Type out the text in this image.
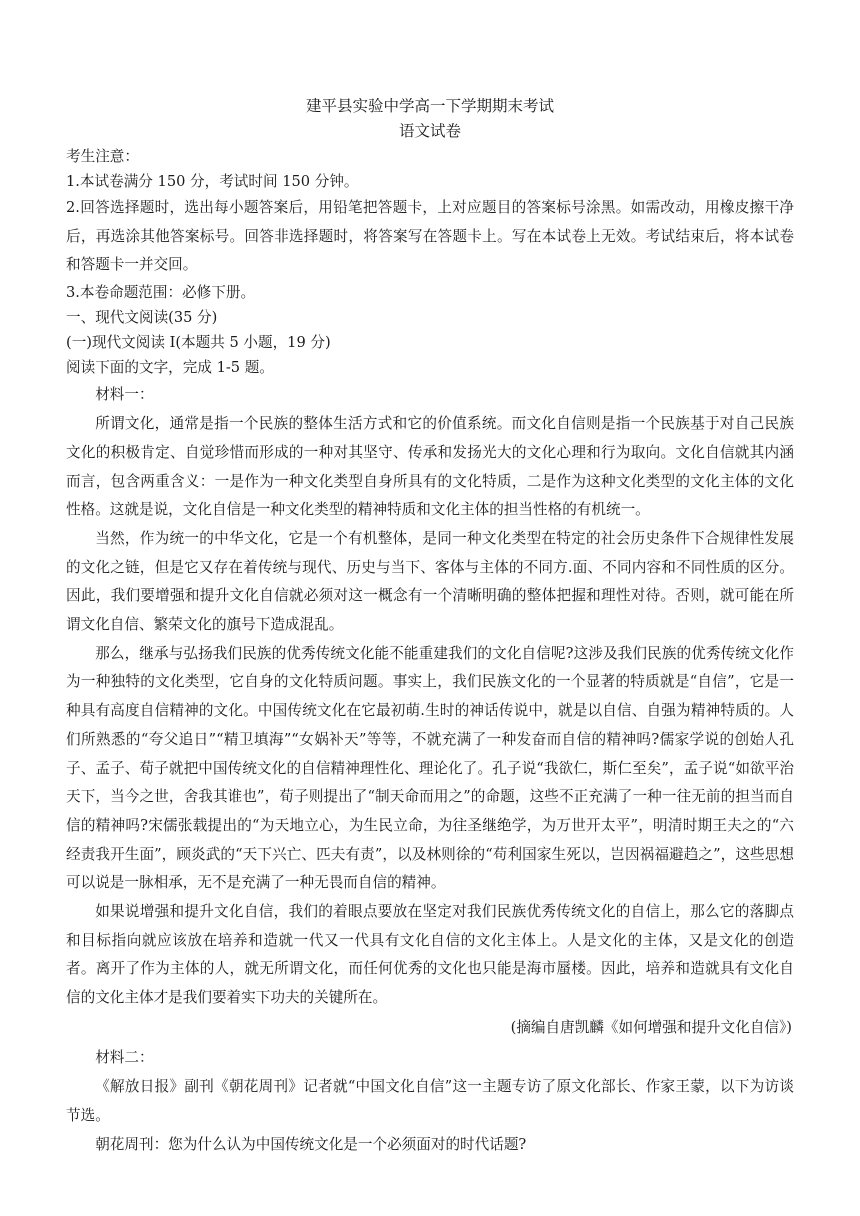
建平县实验中学高一下学期期末考试

语文试卷

考生注意：

1.本试卷满分 150 分，考试时间 150 分钟。

2.回答选择题时，选出每小题答案后，用铅笔把答题卡，上对应题目的答案标号涂黑。如需改动，用橡皮擦干净后，再选涂其他答案标号。回答非选择题时，将答案写在答题卡上。写在本试卷上无效。考试结束后，将本试卷和答题卡一并交回。

3.本卷命题范围：必修下册。

一、现代文阅读(35 分)

(一)现代文阅读 I(本题共 5 小题，19 分)

阅读下面的文字，完成 1-5 题。

材料一：

所谓文化，通常是指一个民族的整体生活方式和它的价值系统。而文化自信则是指一个民族基于对自己民族文化的积极肯定、自觉珍惜而形成的一种对其坚守、传承和发扬光大的文化心理和行为取向。文化自信就其内涵而言，包含两重含义：一是作为一种文化类型自身所具有的文化特质，二是作为这种文化类型的文化主体的文化性格。这就是说，文化自信是一种文化类型的精神特质和文化主体的担当性格的有机统一。

当然，作为统一的中华文化，它是一个有机整体，是同一种文化类型在特定的社会历史条件下合规律性发展的文化之链，但是它又存在着传统与现代、历史与当下、客体与主体的不同方.面、不同内容和不同性质的区分。因此，我们要增强和提升文化自信就必须对这一概念有一个清晰明确的整体把握和理性对待。否则，就可能在所谓文化自信、繁荣文化的旗号下造成混乱。

那么，继承与弘扬我们民族的优秀传统文化能不能重建我们的文化自信呢?这涉及我们民族的优秀传统文化作为一种独特的文化类型，它自身的文化特质问题。事实上，我们民族文化的一个显著的特质就是“自信”，它是一种具有高度自信精神的文化。中国传统文化在它最初萌.生时的神话传说中，就是以自信、自强为精神特质的。人们所熟悉的“夸父追日”“精卫填海”“女娲补天”等等，不就充满了一种发奋而自信的精神吗?儒家学说的创始人孔子、孟子、荀子就把中国传统文化的自信精神理性化、理论化了。孔子说“我欲仁，斯仁至矣”，孟子说“如欲平治天下，当今之世，舍我其谁也”，荀子则提出了“制天命而用之”的命题，这些不正充满了一种一往无前的担当而自信的精神吗?宋儒张载提出的“为天地立心，为生民立命，为往圣继绝学，为万世开太平”，明清时期王夫之的“六经责我开生面”，顾炎武的“天下兴亡、匹夫有责”，以及林则徐的“苟利国家生死以，岂因祸福避趋之”，这些思想可以说是一脉相承，无不是充满了一种无畏而自信的精神。

如果说增强和提升文化自信，我们的着眼点要放在坚定对我们民族优秀传统文化的自信上，那么它的落脚点和目标指向就应该放在培养和造就一代又一代具有文化自信的文化主体上。人是文化的主体，又是文化的创造者。离开了作为主体的人，就无所谓文化，而任何优秀的文化也只能是海市蜃楼。因此，培养和造就具有文化自信的文化主体才是我们要着实下功夫的关键所在。

(摘编自唐凯麟《如何增强和提升文化自信》)

材料二：

《解放日报》副刊《朝花周刊》记者就“中国文化自信”这一主题专访了原文化部长、作家王蒙，以下为访谈节选。

朝花周刊：您为什么认为中国传统文化是一个必须面对的时代话题?
